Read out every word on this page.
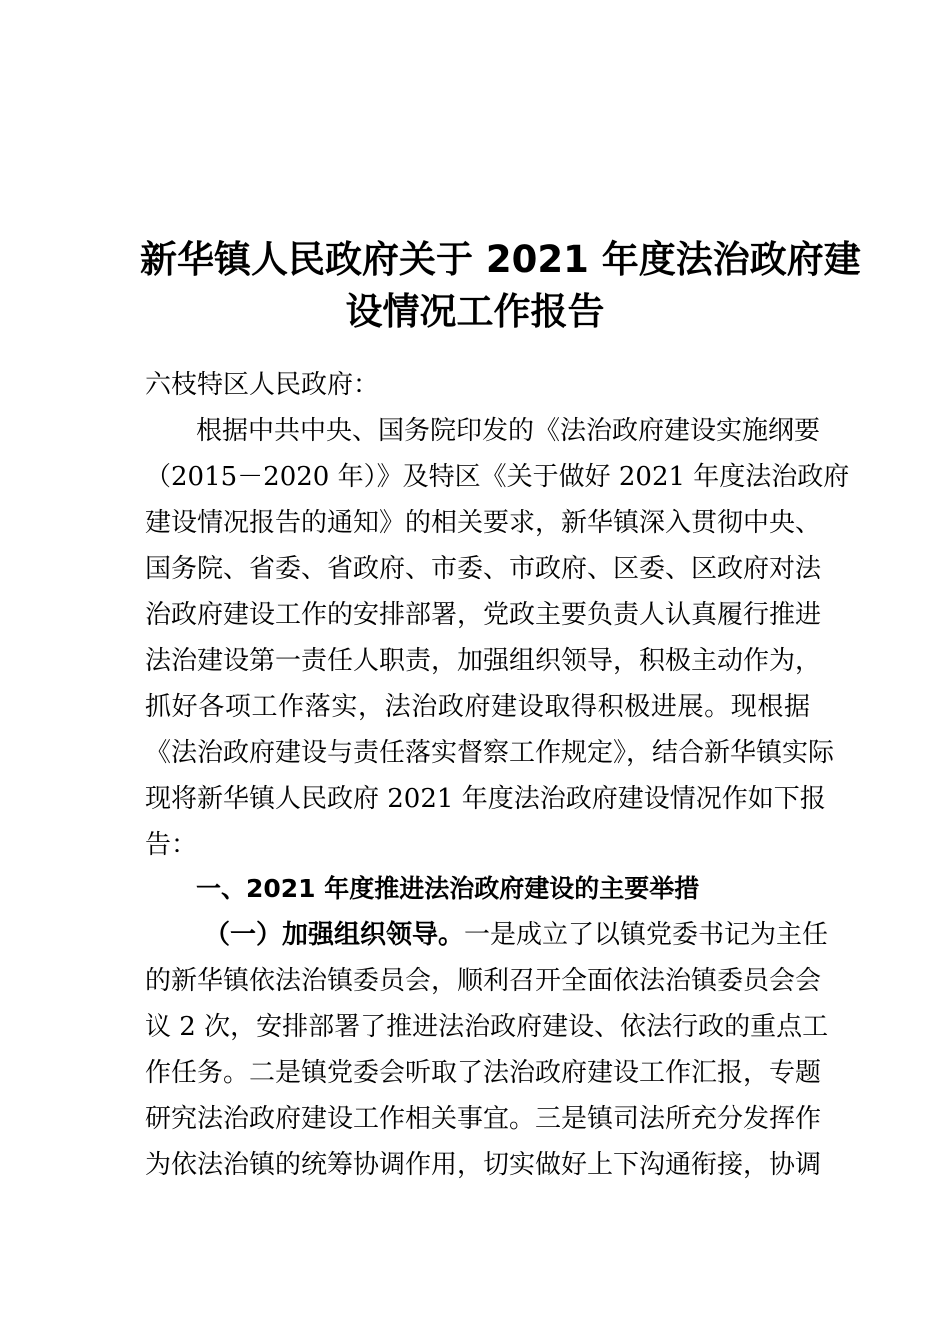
新华镇人民政府关于 2021 年度法治政府建
设情况工作报告

六枝特区人民政府：

根据中共中央、国务院印发的《法治政府建设实施纲要

（2015－2020 年）》及特区《关于做好 2021 年度法治政府

建设情况报告的通知》的相关要求，新华镇深入贯彻中央、

国务院、省委、省政府、市委、市政府、区委、区政府对法

治政府建设工作的安排部署，党政主要负责人认真履行推进

法治建设第一责任人职责，加强组织领导，积极主动作为，

抓好各项工作落实，法治政府建设取得积极进展。现根据

《法治政府建设与责任落实督察工作规定》，结合新华镇实际

现将新华镇人民政府 2021 年度法治政府建设情况作如下报

告：

一、2021 年度推进法治政府建设的主要举措

（一）加强组织领导。一是成立了以镇党委书记为主任

的新华镇依法治镇委员会，顺利召开全面依法治镇委员会会

议 2 次，安排部署了推进法治政府建设、依法行政的重点工

作任务。二是镇党委会听取了法治政府建设工作汇报，专题

研究法治政府建设工作相关事宜。三是镇司法所充分发挥作

为依法治镇的统筹协调作用，切实做好上下沟通衔接，协调
